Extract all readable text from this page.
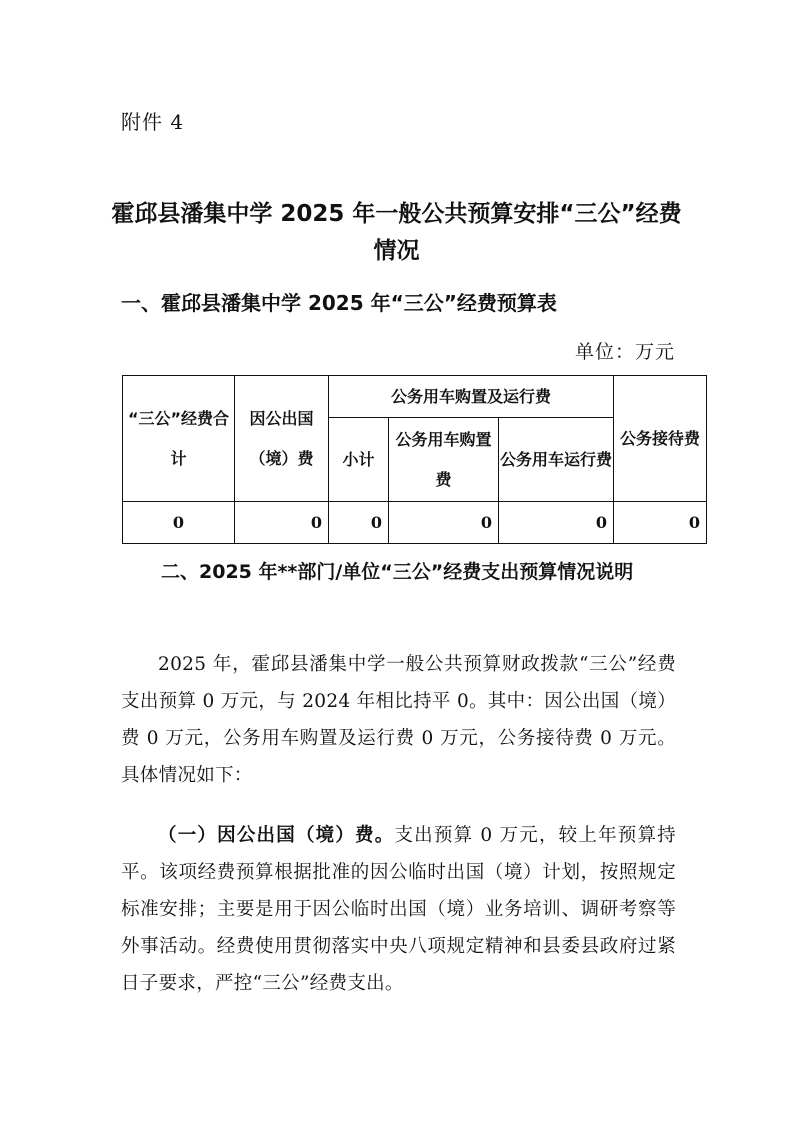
附件 4
霍邱县潘集中学 2025 年一般公共预算安排“三公”经费情况
一、霍邱县潘集中学 2025 年“三公”经费预算表
单位：万元
“三公”经费合计	因公出国（境）费	公务用车购置及运行费			公务接待费
		小计	公务用车购置费	公务用车运行费	
0	0	0	0	0	0
二、2025 年**部门/单位“三公”经费支出预算情况说明

2025 年，霍邱县潘集中学一般公共预算财政拨款“三公”经费支出预算 0 万元，与 2024 年相比持平 0。其中：因公出国（境）费 0 万元，公务用车购置及运行费 0 万元，公务接待费 0 万元。具体情况如下：

（一）因公出国（境）费。支出预算 0 万元，较上年预算持平。该项经费预算根据批准的因公临时出国（境）计划，按照规定标准安排；主要是用于因公临时出国（境）业务培训、调研考察等外事活动。经费使用贯彻落实中央八项规定精神和县委县政府过紧日子要求，严控“三公”经费支出。
